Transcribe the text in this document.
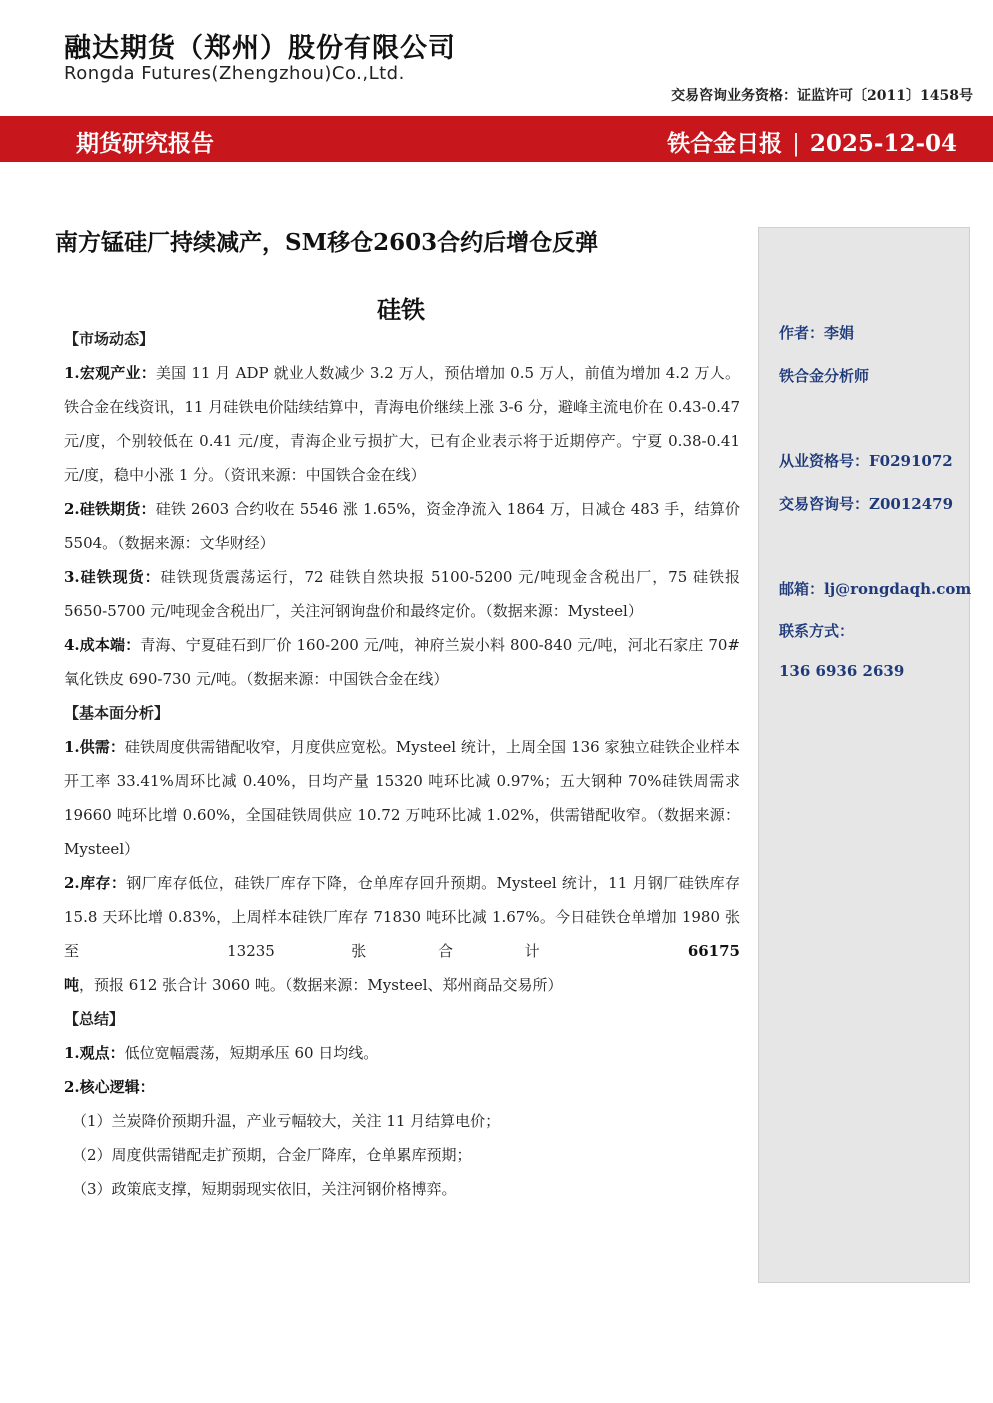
融达期货（郑州）股份有限公司
Rongda Futures(Zhengzhou)Co.,Ltd.
交易咨询业务资格：证监许可〔2011〕1458号
期货研究报告	铁合金日报 | 2025-12-04
南方锰硅厂持续减产，SM移仓2603合约后增仓反弹
硅铁

【市场动态】

1.宏观产业：美国 11 月 ADP 就业人数减少 3.2 万人，预估增加 0.5 万人，前值为增加 4.2 万人。铁合金在线资讯，11 月硅铁电价陆续结算中，青海电价继续上涨 3-6 分，避峰主流电价在 0.43-0.47 元/度，个别较低在 0.41 元/度，青海企业亏损扩大，已有企业表示将于近期停产。宁夏 0.38-0.41 元/度，稳中小涨 1 分。（资讯来源：中国铁合金在线）

2.硅铁期货：硅铁 2603 合约收在 5546 涨 1.65%，资金净流入 1864 万，日减仓 483 手，结算价 5504。（数据来源：文华财经）

3.硅铁现货：硅铁现货震荡运行，72 硅铁自然块报 5100-5200 元/吨现金含税出厂，75 硅铁报 5650-5700 元/吨现金含税出厂，关注河钢询盘价和最终定价。（数据来源：Mysteel）

4.成本端：青海、宁夏硅石到厂价 160-200 元/吨，神府兰炭小料 800-840 元/吨，河北石家庄 70#氧化铁皮 690-730 元/吨。（数据来源：中国铁合金在线）

【基本面分析】

1.供需：硅铁周度供需错配收窄，月度供应宽松。Mysteel 统计，上周全国 136 家独立硅铁企业样本开工率 33.41%周环比减 0.40%，日均产量 15320 吨环比减 0.97%；五大钢种 70%硅铁周需求 19660 吨环比增 0.60%，全国硅铁周供应 10.72 万吨环比减 1.02%，供需错配收窄。（数据来源：Mysteel）

2.库存：钢厂库存低位，硅铁厂库存下降，仓单库存回升预期。Mysteel 统计，11 月钢厂硅铁库存 15.8 天环比增 0.83%，上周样本硅铁厂库存 71830 吨环比减 1.67%。今日硅铁仓单增加 1980 张至 13235 张合计 66175 吨，预报 612 张合计 3060 吨。（数据来源：Mysteel、郑州商品交易所）

【总结】

1.观点：低位宽幅震荡，短期承压 60 日均线。

2.核心逻辑：

（1）兰炭降价预期升温，产业亏幅较大，关注 11 月结算电价；

（2）周度供需错配走扩预期，合金厂降库，仓单累库预期；

（3）政策底支撑，短期弱现实依旧，关注河钢价格博弈。

作者：李娟
铁合金分析师
从业资格号：F0291072
交易咨询号：Z0012479
邮箱：lj@rongdaqh.com
联系方式：
136 6936 2639
